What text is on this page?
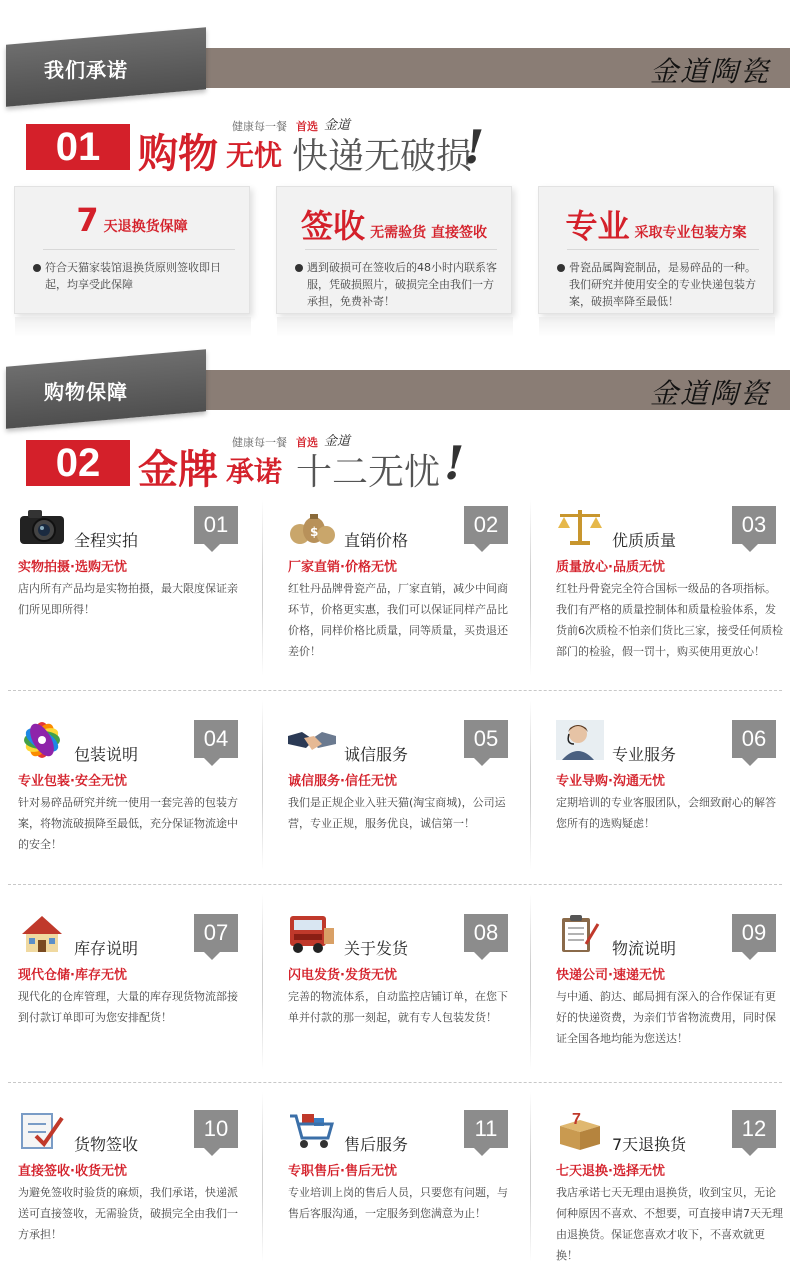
我们承诺	金道陶瓷
01 购物
健康每一餐 首选 金道
无忧 快递无破损
!
7 天退换货保障
符合天猫家装馆退换货原则签收即日起，均享受此保障
签收 无需验货 直接签收
遇到破损可在签收后的48小时内联系客服，凭破损照片，破损完全由我们一方承担，免费补寄！
专业 采取专业包装方案
骨瓷品属陶瓷制品，是易碎品的一种。我们研究并使用安全的专业快递包装方案，破损率降至最低！
购物保障	金道陶瓷
02 金牌
健康每一餐 首选 金道
承诺 十二无忧 !
全程实拍
01
实物拍摄·选购无忧
店内所有产品均是实物拍摄，最大限度保证亲们所见即所得！
$ 直销价格
02
厂家直销·价格无忧
红牡丹品牌骨瓷产品，厂家直销，减少中间商环节，价格更实惠，我们可以保证同样产品比价格，同样价格比质量，同等质量，买贵退还差价！
优质质量
03
质量放心·品质无忧
红牡丹骨瓷完全符合国标一级品的各项指标。我们有严格的质量控制体和质量检验体系，发货前6次质检不怕亲们货比三家，接受任何质检部门的检验，假一罚十，购买使用更放心！
包装说明
04
专业包装·安全无忧
针对易碎品研究并统一使用一套完善的包装方案，将物流破损降至最低，充分保证物流途中的安全！
诚信服务
05
诚信服务·信任无忧
我们是正规企业入驻天猫(淘宝商城)，公司运营，专业正规，服务优良，诚信第一！
专业服务
06
专业导购·沟通无忧
定期培训的专业客服团队，会细致耐心的解答您所有的选购疑虑！
库存说明
07
现代仓储·库存无忧
现代化的仓库管理，大量的库存现货物流部接到付款订单即可为您安排配货！
关于发货
08
闪电发货·发货无忧
完善的物流体系，自动监控店铺订单，在您下单并付款的那一刻起，就有专人包装发货！
物流说明
09
快递公司·速递无忧
与中通、韵达、邮局拥有深入的合作保证有更好的快递资费，为亲们节省物流费用，同时保证全国各地均能为您送达！
货物签收
10
直接签收·收货无忧
为避免签收时验货的麻烦，我们承诺，快递派送可直接签收，无需验货，破损完全由我们一方承担！
售后服务
11
专职售后·售后无忧
专业培训上岗的售后人员，只要您有问题，与售后客服沟通，一定服务到您满意为止！
7
7天退换货
12
七天退换·选择无忧
我店承诺七天无理由退换货，收到宝贝，无论何种原因不喜欢、不想要，可直接申请7天无理由退换货。保证您喜欢才收下，不喜欢就更换！
